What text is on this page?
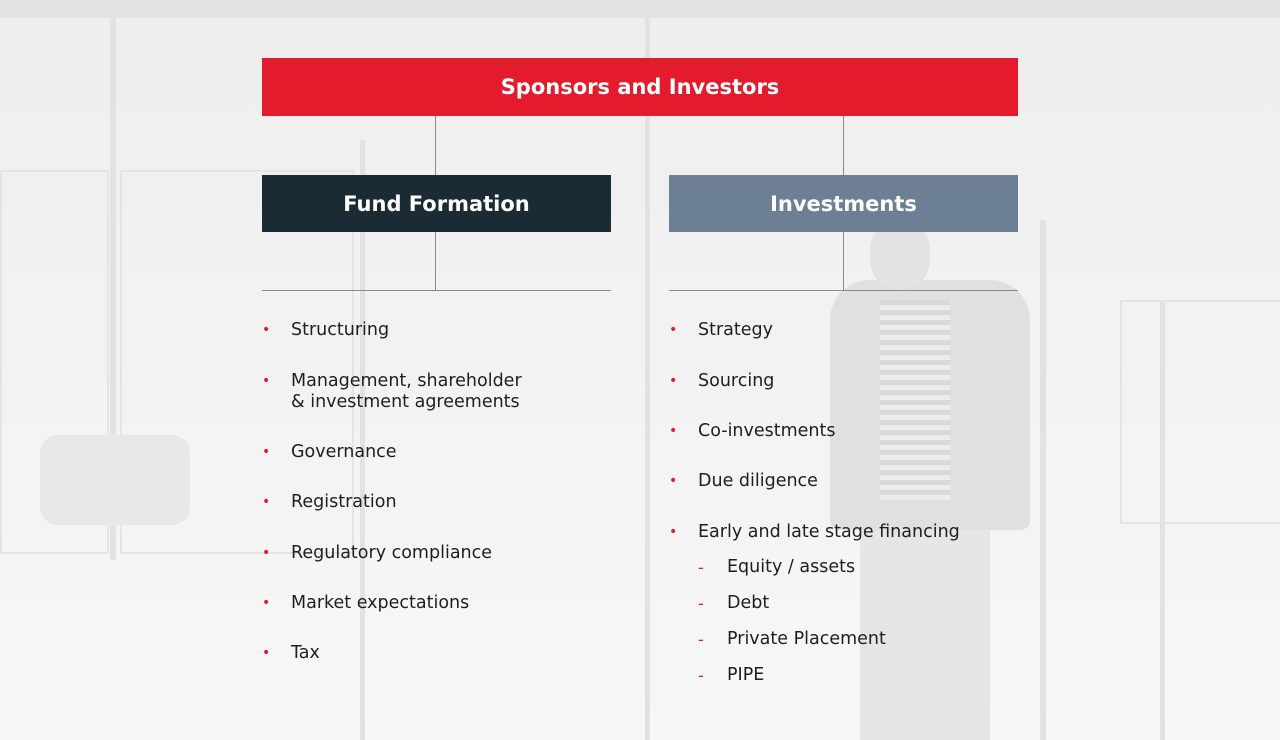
Sponsors and Investors
Fund Formation	Investments
• Structuring
• Management, shareholder
& investment agreements
• Governance
• Registration
• Regulatory compliance
• Market expectations
• Tax
• Strategy
• Sourcing
• Co-investments
• Due diligence
• Early and late stage financing
- Equity / assets
- Debt
- Private Placement
- PIPE
